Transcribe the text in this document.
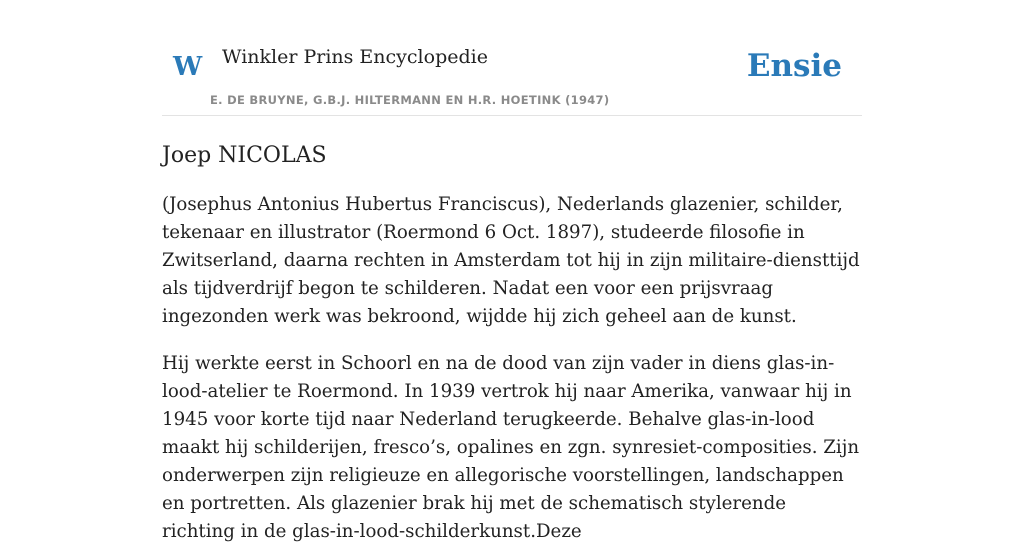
W Winkler Prins Encyclopedie
E. DE BRUYNE, G.B.J. HILTERMANN EN H.R. HOETINK (1947)
Ensie
Joep NICOLAS

(Josephus Antonius Hubertus Franciscus), Nederlands glazenier, schilder, tekenaar en illustrator (Roermond 6 Oct. 1897), studeerde filosofie in Zwitserland, daarna rechten in Amsterdam tot hij in zijn militaire-diensttijd als tijdverdrijf begon te schilderen. Nadat een voor een prijsvraag ingezonden werk was bekroond, wijdde hij zich geheel aan de kunst.

Hij werkte eerst in Schoorl en na de dood van zijn vader in diens glas-in-lood-atelier te Roermond. In 1939 vertrok hij naar Amerika, vanwaar hij in 1945 voor korte tijd naar Nederland terugkeerde. Behalve glas-in-lood maakt hij schilderijen, fresco’s, opalines en zgn. synresiet-composities. Zijn onderwerpen zijn religieuze en allegorische voorstellingen, landschappen en portretten. Als glazenier brak hij met de schematisch stylerende richting in de glas-in-lood-schilderkunst.Deze
